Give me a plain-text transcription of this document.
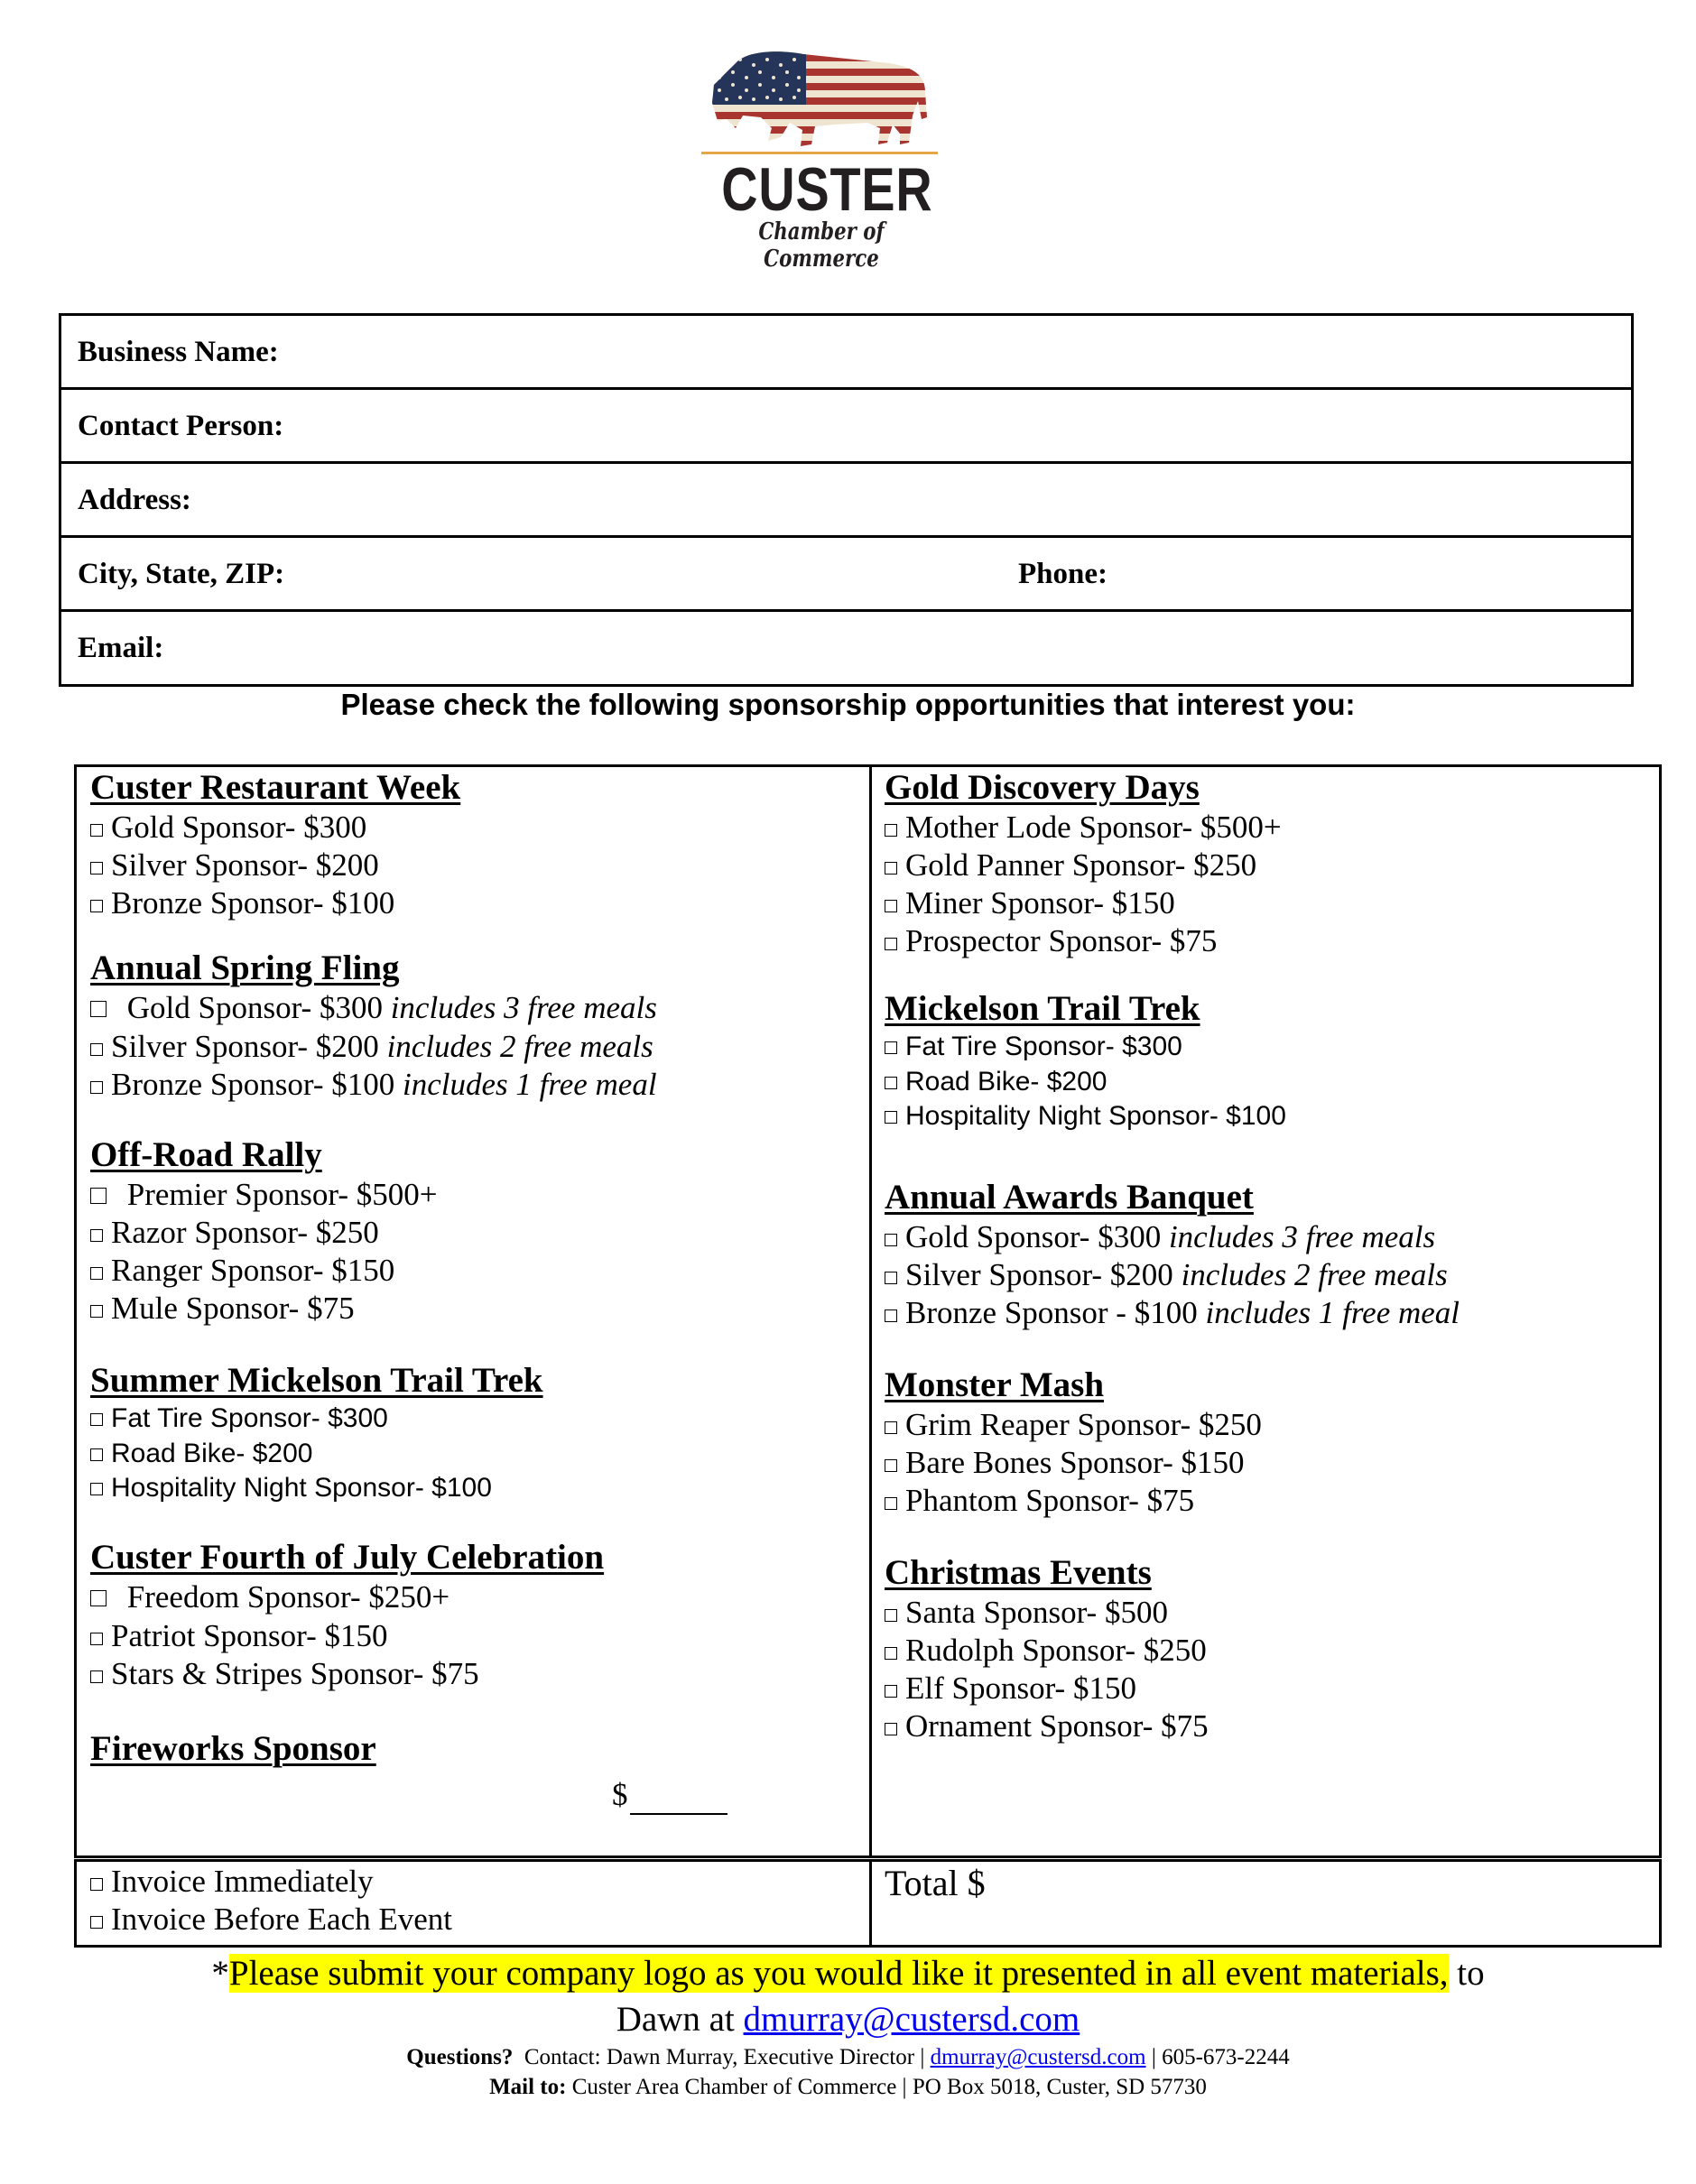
CUSTER
Chamber of Commerce
Business Name:
Contact Person:
Address:
City, State, ZIP:	Phone:
Email:
Please check the following sponsorship opportunities that interest you:
Custer Restaurant Week
Gold Sponsor- $300
Silver Sponsor- $200
Bronze Sponsor- $100
Annual Spring Fling
Gold Sponsor- $300 includes 3 free meals
Silver Sponsor- $200 includes 2 free meals
Bronze Sponsor- $100 includes 1 free meal
Off-Road Rally
Premier Sponsor- $500+
Razor Sponsor- $250
Ranger Sponsor- $150
Mule Sponsor- $75
Summer Mickelson Trail Trek
Fat Tire Sponsor- $300
Road Bike- $200
Hospitality Night Sponsor- $100
Custer Fourth of July Celebration
Freedom Sponsor- $250+
Patriot Sponsor- $150
Stars & Stripes Sponsor- $75
Fireworks Sponsor
$
Gold Discovery Days
Mother Lode Sponsor- $500+
Gold Panner Sponsor- $250
Miner Sponsor- $150
Prospector Sponsor- $75
Mickelson Trail Trek
Fat Tire Sponsor- $300
Road Bike- $200
Hospitality Night Sponsor- $100
Annual Awards Banquet
Gold Sponsor- $300 includes 3 free meals
Silver Sponsor- $200 includes 2 free meals
Bronze Sponsor - $100 includes 1 free meal
Monster Mash
Grim Reaper Sponsor- $250
Bare Bones Sponsor- $150
Phantom Sponsor- $75
Christmas Events
Santa Sponsor- $500
Rudolph Sponsor- $250
Elf Sponsor- $150
Ornament Sponsor- $75
Invoice Immediately
Invoice Before Each Event
Total $
*Please submit your company logo as you would like it presented in all event materials, to
Dawn at dmurray@custersd.com
Questions?  Contact: Dawn Murray, Executive Director | dmurray@custersd.com | 605-673-2244
Mail to: Custer Area Chamber of Commerce | PO Box 5018, Custer, SD 57730
